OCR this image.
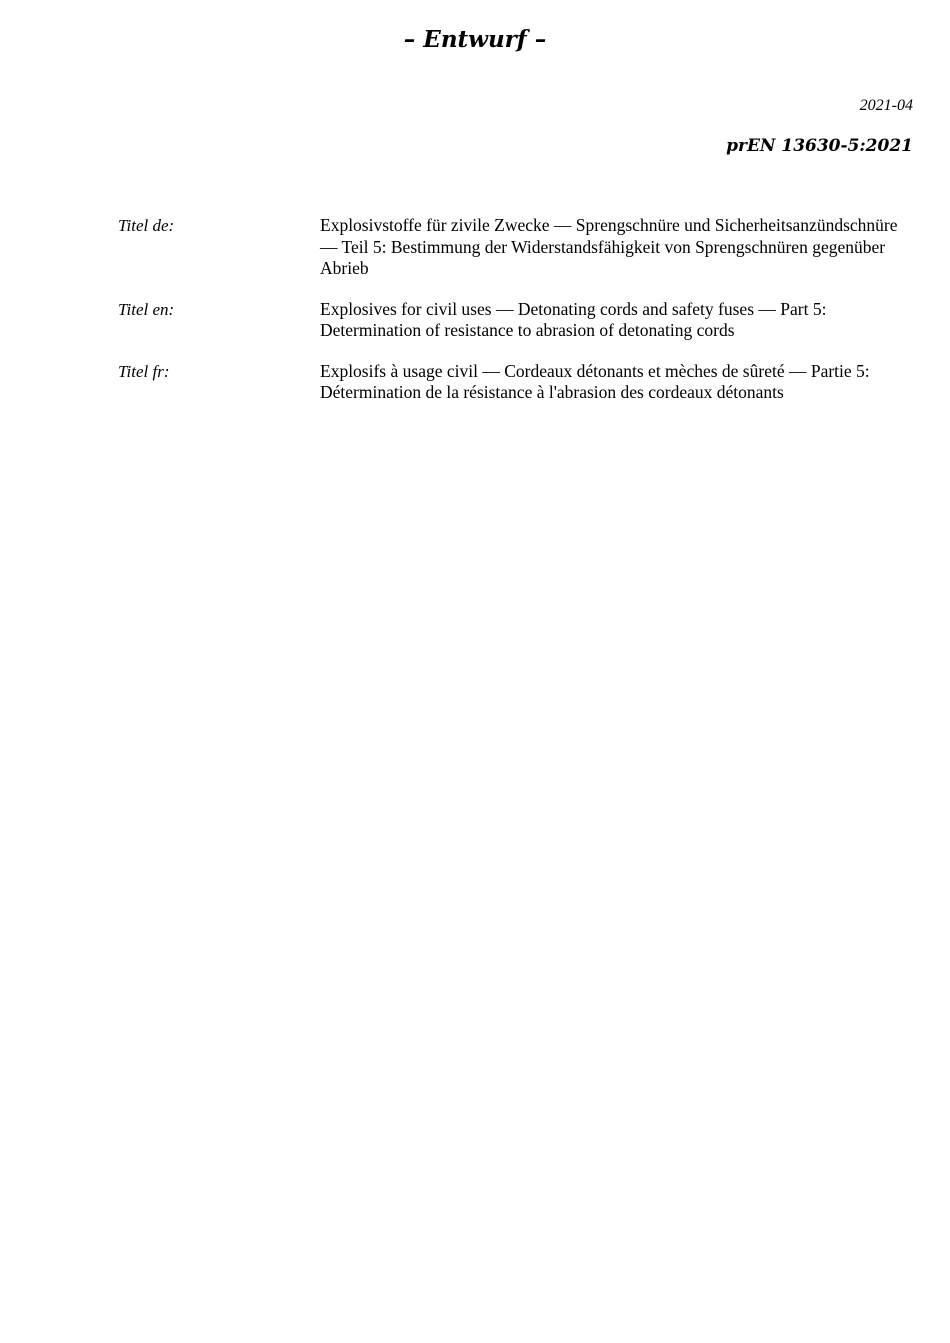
– Entwurf –
2021-04
prEN 13630-5:2021
Titel de:	Explosivstoffe für zivile Zwecke — Sprengschnüre und Sicherheitsanzündschnüre — Teil 5: Bestimmung der Widerstandsfähigkeit von Sprengschnüren gegenüber Abrieb
Titel en:	Explosives for civil uses — Detonating cords and safety fuses — Part 5: Determination of resistance to abrasion of detonating cords
Titel fr:	Explosifs à usage civil — Cordeaux détonants et mèches de sûreté — Partie 5: Détermination de la résistance à l'abrasion des cordeaux détonants
